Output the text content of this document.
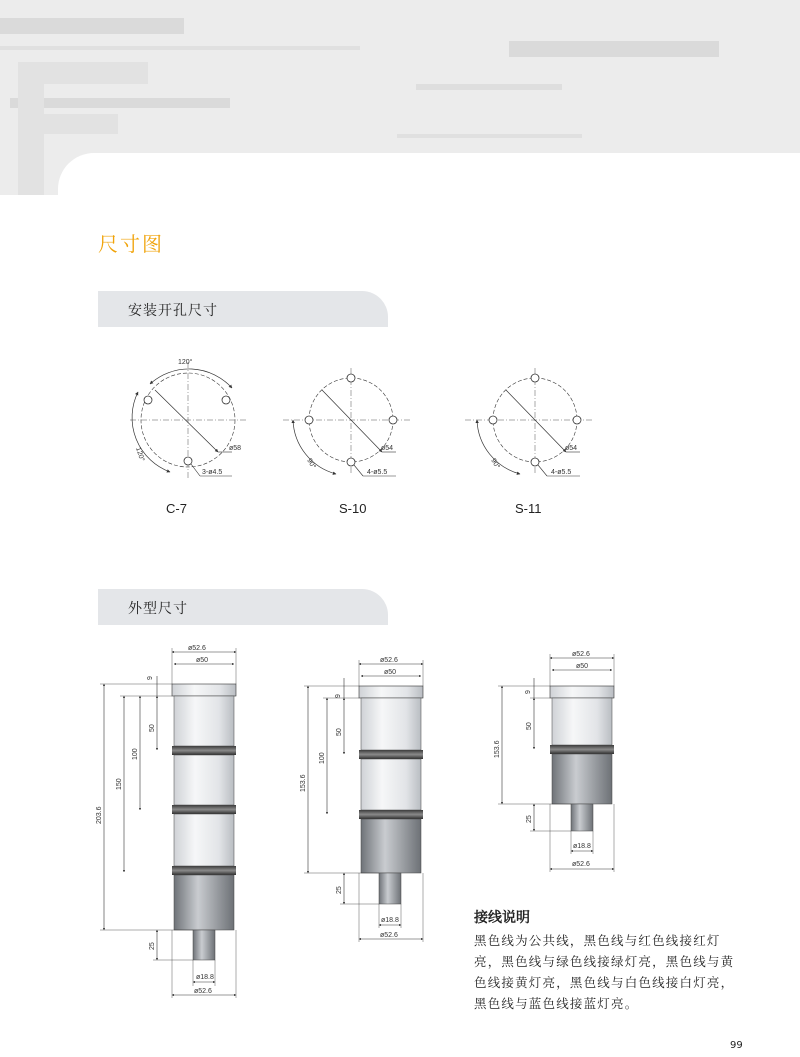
尺寸图
安装开孔尺寸
120°
120°	ø58
3-ø4.5
90°
ø54
4-ø5.5
90°
ø54
4-ø5.5
C-7	S-10	S-11
外型尺寸
ø52.6
ø50
9
50
100
150
203.6
25
ø18.8
ø52.6
ø52.6
ø50
9
50
100
153.6
25
ø18.8
ø52.6
ø52.6
ø50
9
50
153.6
25
ø18.8
ø52.6
接线说明
黑色线为公共线，黑色线与红色线接红灯
亮，黑色线与绿色线接绿灯亮，黑色线与黄
色线接黄灯亮，黑色线与白色线接白灯亮，
黑色线与蓝色线接蓝灯亮。
99
